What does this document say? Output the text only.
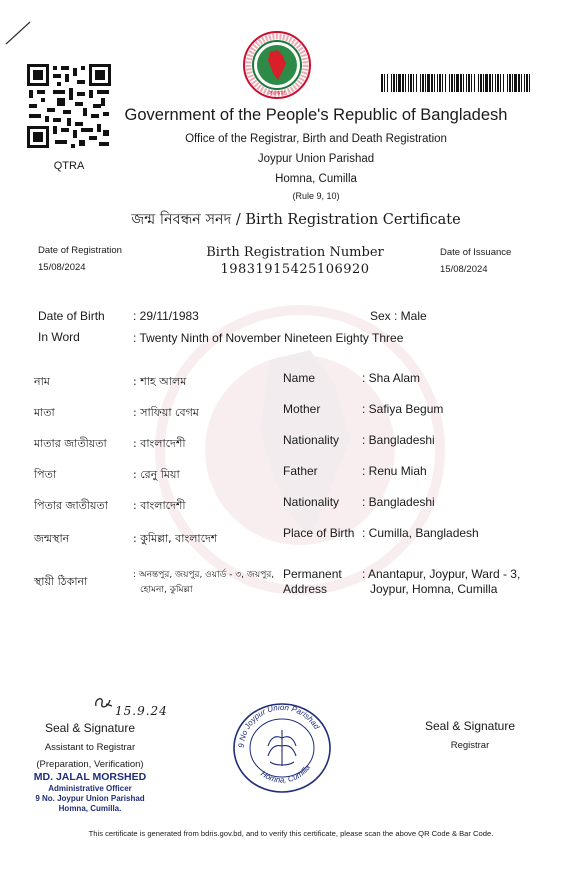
QTRA
সরকার
Government of the People's Republic of Bangladesh
Office of the Registrar, Birth and Death Registration
Joypur Union Parishad
Homna, Cumilla
(Rule 9, 10)
জন্ম নিবন্ধন সনদ / Birth Registration Certificate
Date of Registration
15/08/2024
Birth Registration Number
19831915425106920
Date of Issuance
15/08/2024
Date of Birth : 29/11/1983	Sex : Male
In Word	: Twenty Ninth of November Nineteen Eighty Three
নাম	: শাহ আলম	Name	: Sha Alam
মাতা	: সাফিয়া বেগম	Mother	: Safiya Begum
মাতার জাতীয়তা : বাংলাদেশী	Nationality : Bangladeshi
পিতা	: রেনু মিয়া	Father	: Renu Miah
পিতার জাতীয়তা : বাংলাদেশী	Nationality : Bangladeshi
জন্মস্থান	: কুমিল্লা, বাংলাদেশ	Place of Birth : Cumilla, Bangladesh
স্থায়ী ঠিকানা	: অনন্তপুর, জয়পুর, ওয়ার্ড - ৩, জয়পুর,
হোমনা, কুমিল্লা
Permanent
Address
: Anantapur, Joypur, Ward - 3,
Joypur, Homna, Cumilla
15.9.24
Seal & Signature
Assistant to Registrar
(Preparation, Verification)
MD. JALAL MORSHED
Administrative Officer
9 No. Joypur Union Parishad
Homna, Cumilla.
9 No Joypur Union Parishad
Homna, Cumilla
Seal & Signature
Registrar
This certificate is generated from bdris.gov.bd, and to verify this certificate, please scan the above QR Code & Bar Code.
